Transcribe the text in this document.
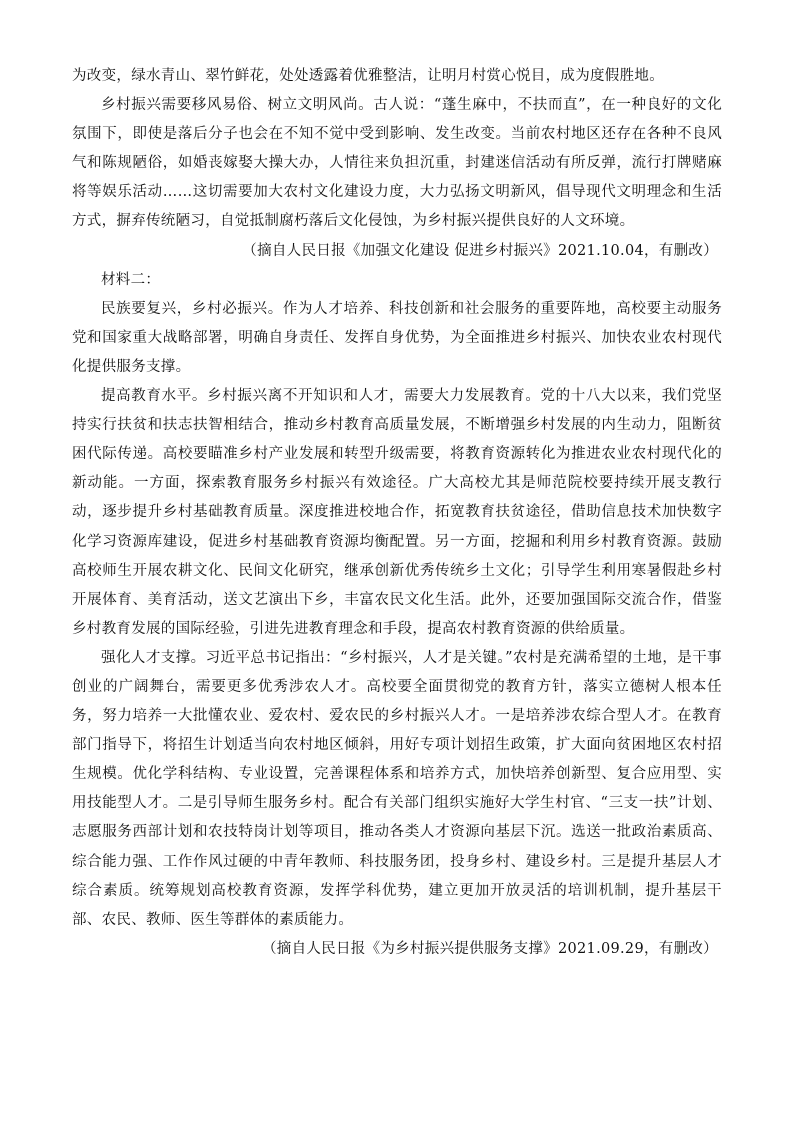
为改变，绿水青山、翠竹鲜花，处处透露着优雅整洁，让明月村赏心悦目，成为度假胜地。

乡村振兴需要移风易俗、树立文明风尚。古人说：“蓬生麻中，不扶而直”，在一种良好的文化氛围下，即使是落后分子也会在不知不觉中受到影响、发生改变。当前农村地区还存在各种不良风气和陈规陋俗，如婚丧嫁娶大操大办，人情往来负担沉重，封建迷信活动有所反弹，流行打牌赌麻将等娱乐活动……这切需要加大农村文化建设力度，大力弘扬文明新风，倡导现代文明理念和生活方式，摒弃传统陋习，自觉抵制腐朽落后文化侵蚀，为乡村振兴提供良好的人文环境。

（摘自人民日报《加强文化建设 促进乡村振兴》2021.10.04，有删改）

材料二：

民族要复兴，乡村必振兴。作为人才培养、科技创新和社会服务的重要阵地，高校要主动服务党和国家重大战略部署，明确自身责任、发挥自身优势，为全面推进乡村振兴、加快农业农村现代化提供服务支撑。

提高教育水平。乡村振兴离不开知识和人才，需要大力发展教育。党的十八大以来，我们党坚持实行扶贫和扶志扶智相结合，推动乡村教育高质量发展，不断增强乡村发展的内生动力，阻断贫困代际传递。高校要瞄准乡村产业发展和转型升级需要，将教育资源转化为推进农业农村现代化的新动能。一方面，探索教育服务乡村振兴有效途径。广大高校尤其是师范院校要持续开展支教行动，逐步提升乡村基础教育质量。深度推进校地合作，拓宽教育扶贫途径，借助信息技术加快数字化学习资源库建设，促进乡村基础教育资源均衡配置。另一方面，挖掘和利用乡村教育资源。鼓励高校师生开展农耕文化、民间文化研究，继承创新优秀传统乡土文化；引导学生利用寒暑假赴乡村开展体育、美育活动，送文艺演出下乡，丰富农民文化生活。此外，还要加强国际交流合作，借鉴乡村教育发展的国际经验，引进先进教育理念和手段，提高农村教育资源的供给质量。

强化人才支撑。习近平总书记指出：“乡村振兴，人才是关键。”农村是充满希望的土地，是干事创业的广阔舞台，需要更多优秀涉农人才。高校要全面贯彻党的教育方针，落实立德树人根本任务，努力培养一大批懂农业、爱农村、爱农民的乡村振兴人才。一是培养涉农综合型人才。在教育部门指导下，将招生计划适当向农村地区倾斜，用好专项计划招生政策，扩大面向贫困地区农村招生规模。优化学科结构、专业设置，完善课程体系和培养方式，加快培养创新型、复合应用型、实用技能型人才。二是引导师生服务乡村。配合有关部门组织实施好大学生村官、“三支一扶”计划、志愿服务西部计划和农技特岗计划等项目，推动各类人才资源向基层下沉。选送一批政治素质高、综合能力强、工作作风过硬的中青年教师、科技服务团，投身乡村、建设乡村。三是提升基层人才综合素质。统筹规划高校教育资源，发挥学科优势，建立更加开放灵活的培训机制，提升基层干部、农民、教师、医生等群体的素质能力。

（摘自人民日报《为乡村振兴提供服务支撑》2021.09.29，有删改）
